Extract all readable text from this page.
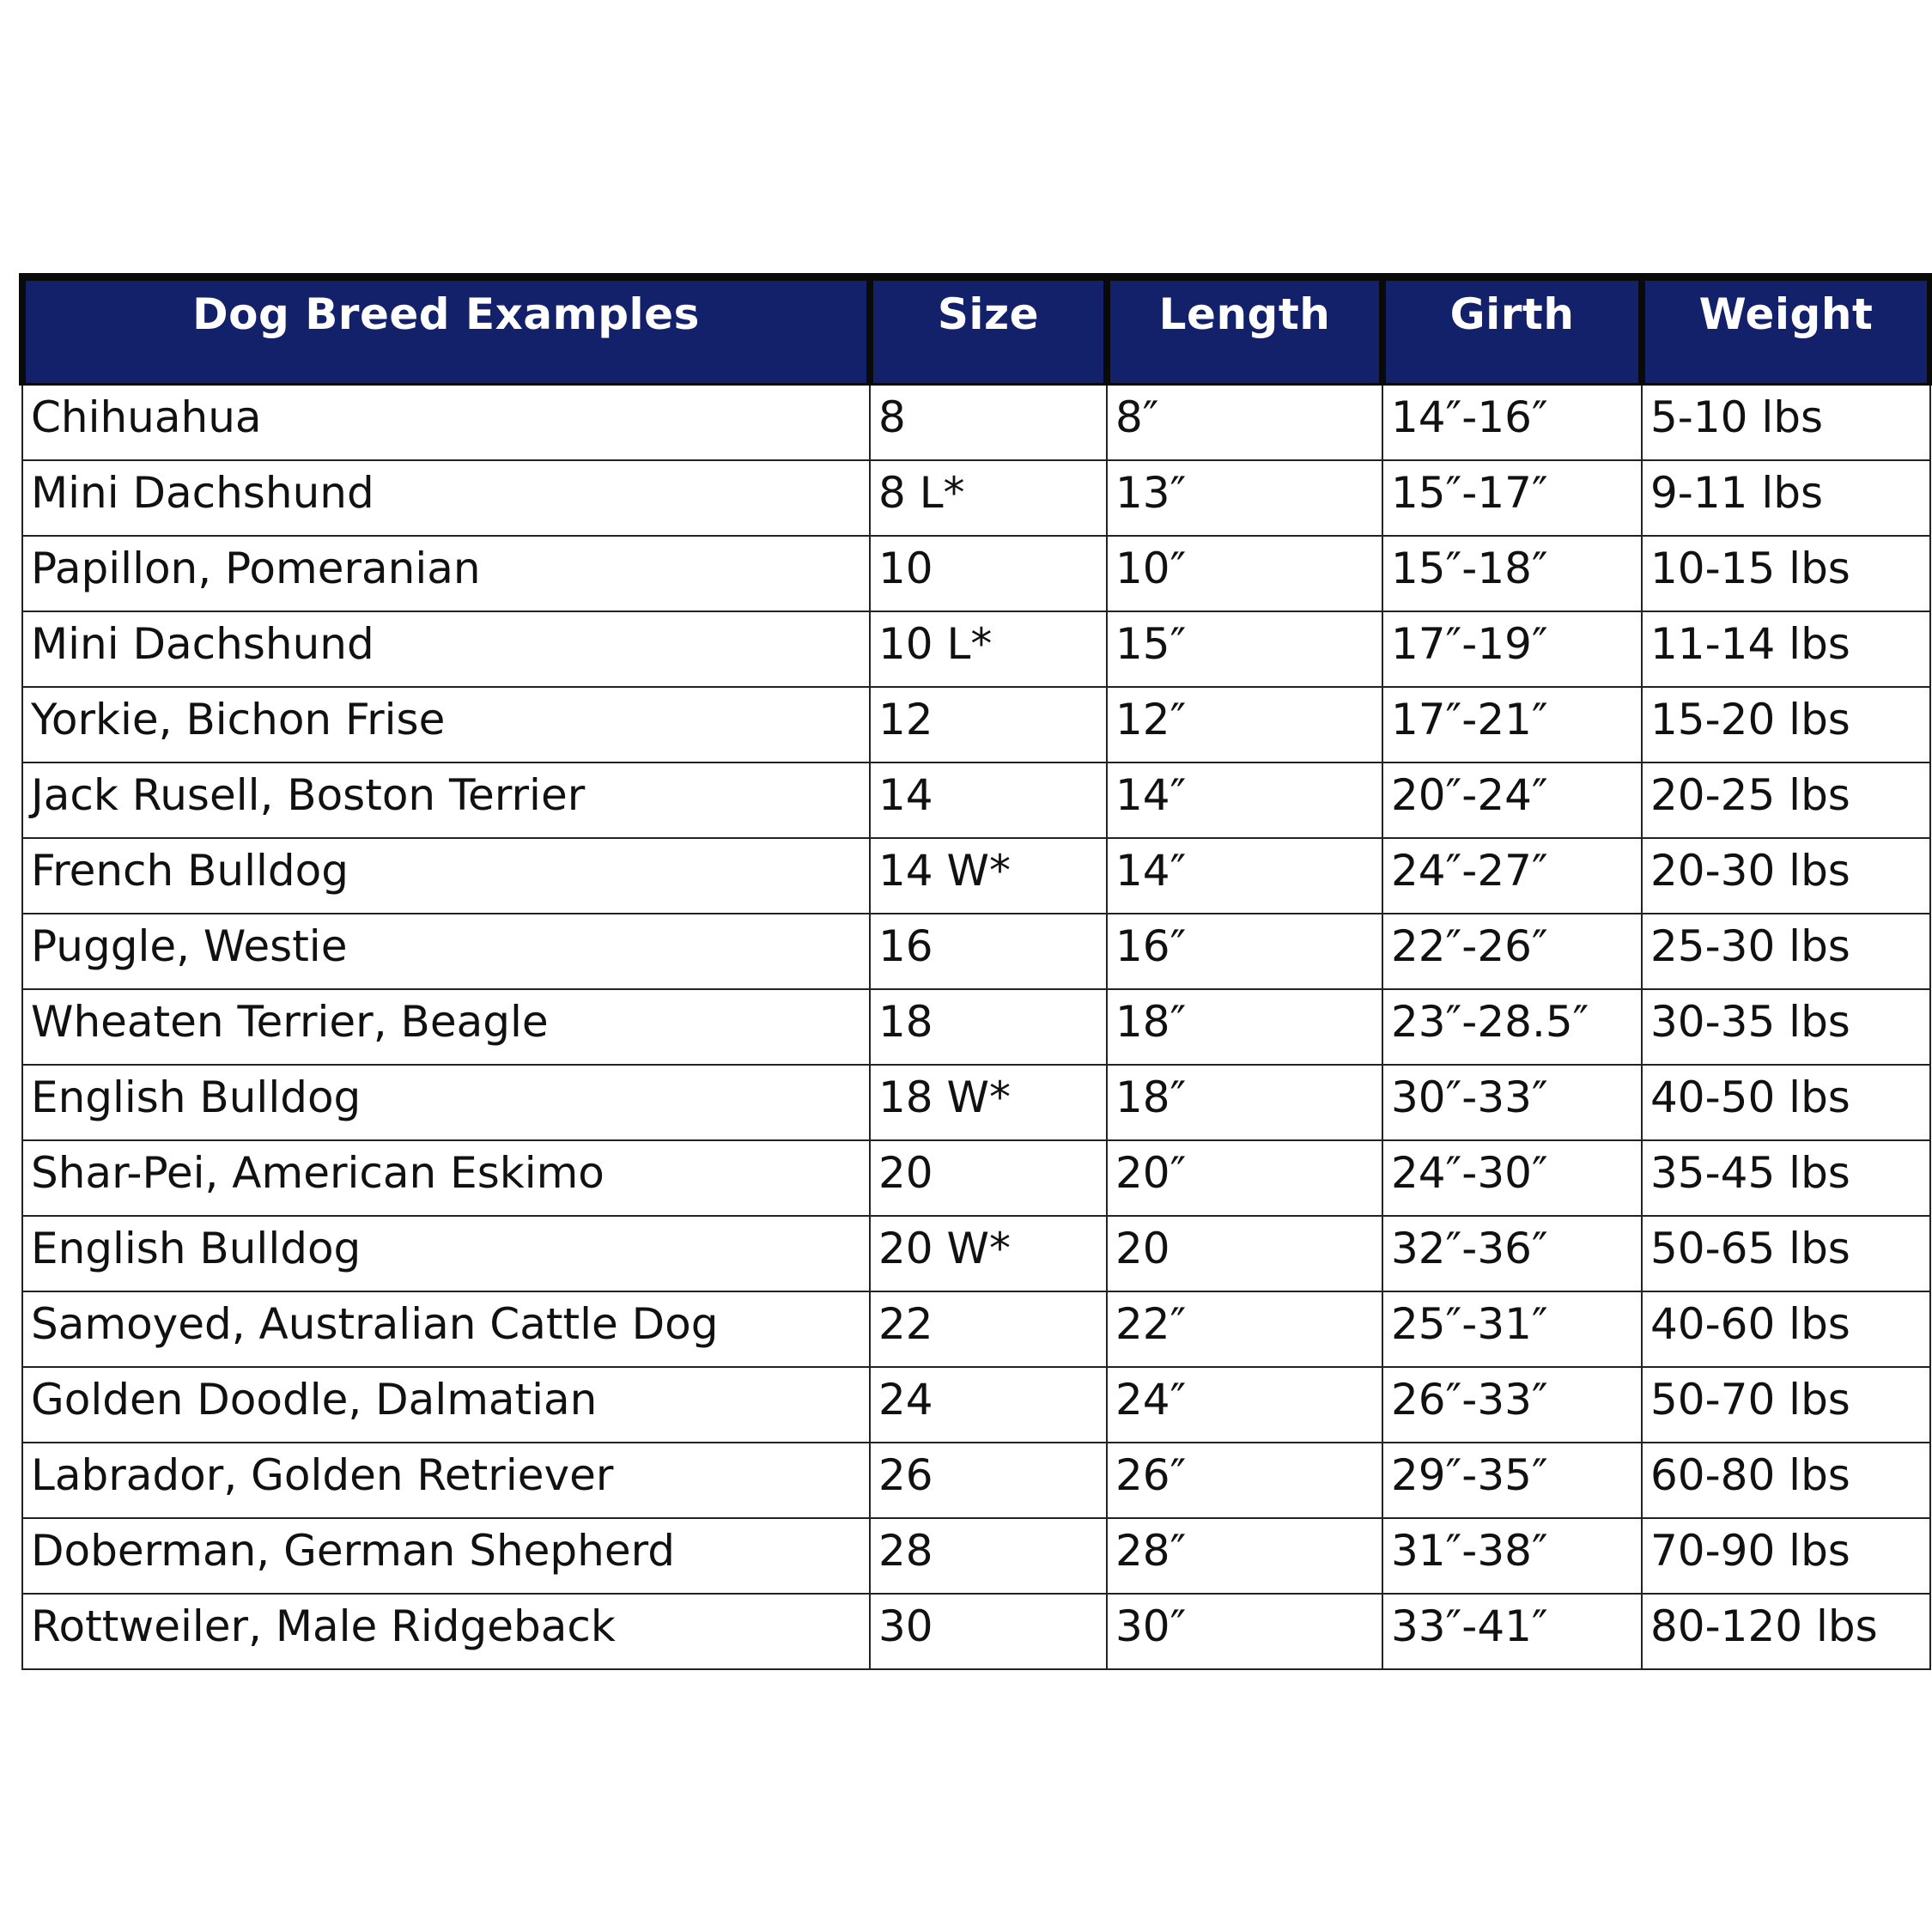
Dog Breed Examples	Size	Length	Girth	Weight

Chihuahua	8	8″	14″-16″	5-10 lbs

Mini Dachshund	8 L*	13″	15″-17″	9-11 lbs

Papillon, Pomeranian	10	10″	15″-18″	10-15 lbs

Mini Dachshund	10 L*	15″	17″-19″	11-14 lbs

Yorkie, Bichon Frise	12	12″	17″-21″	15-20 lbs

Jack Rusell, Boston Terrier	14	14″	20″-24″	20-25 lbs

French Bulldog	14 W*	14″	24″-27″	20-30 lbs

Puggle, Westie	16	16″	22″-26″	25-30 lbs

Wheaten Terrier, Beagle	18	18″	23″-28.5″	30-35 lbs

English Bulldog	18 W*	18″	30″-33″	40-50 lbs

Shar-Pei, American Eskimo	20	20″	24″-30″	35-45 lbs

English Bulldog	20 W*	20	32″-36″	50-65 lbs

Samoyed, Australian Cattle Dog	22	22″	25″-31″	40-60 lbs

Golden Doodle, Dalmatian	24	24″	26″-33″	50-70 lbs

Labrador, Golden Retriever	26	26″	29″-35″	60-80 lbs

Doberman, German Shepherd	28	28″	31″-38″	70-90 lbs

Rottweiler, Male Ridgeback	30	30″	33″-41″	80-120 lbs
